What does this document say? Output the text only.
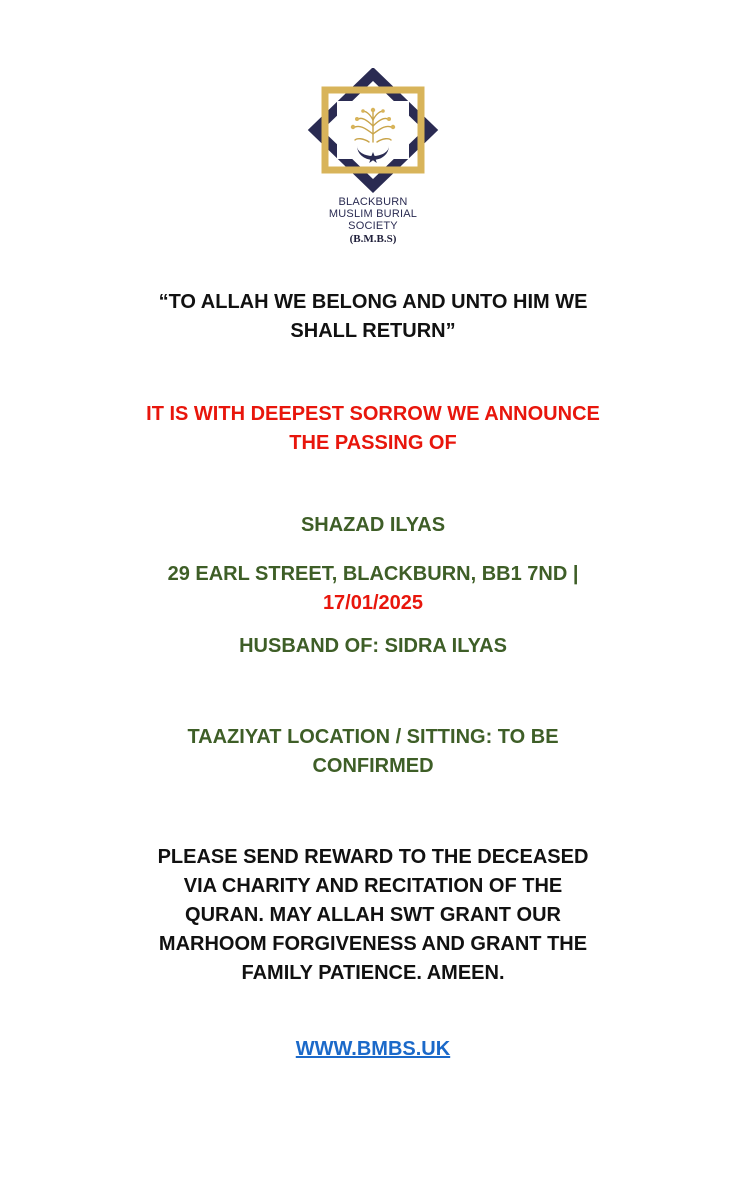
BLACKBURN
MUSLIM BURIAL
SOCIETY
(B.M.B.S)

“TO ALLAH WE BELONG AND UNTO HIM WE
SHALL RETURN”

IT IS WITH DEEPEST SORROW WE ANNOUNCE
THE PASSING OF

SHAZAD ILYAS

29 EARL STREET, BLACKBURN, BB1 7ND |
17/01/2025

HUSBAND OF: SIDRA ILYAS

TAAZIYAT LOCATION / SITTING: TO BE
CONFIRMED

PLEASE SEND REWARD TO THE DECEASED
VIA CHARITY AND RECITATION OF THE
QURAN. MAY ALLAH SWT GRANT OUR
MARHOOM FORGIVENESS AND GRANT THE
FAMILY PATIENCE. AMEEN.

WWW.BMBS.UK
